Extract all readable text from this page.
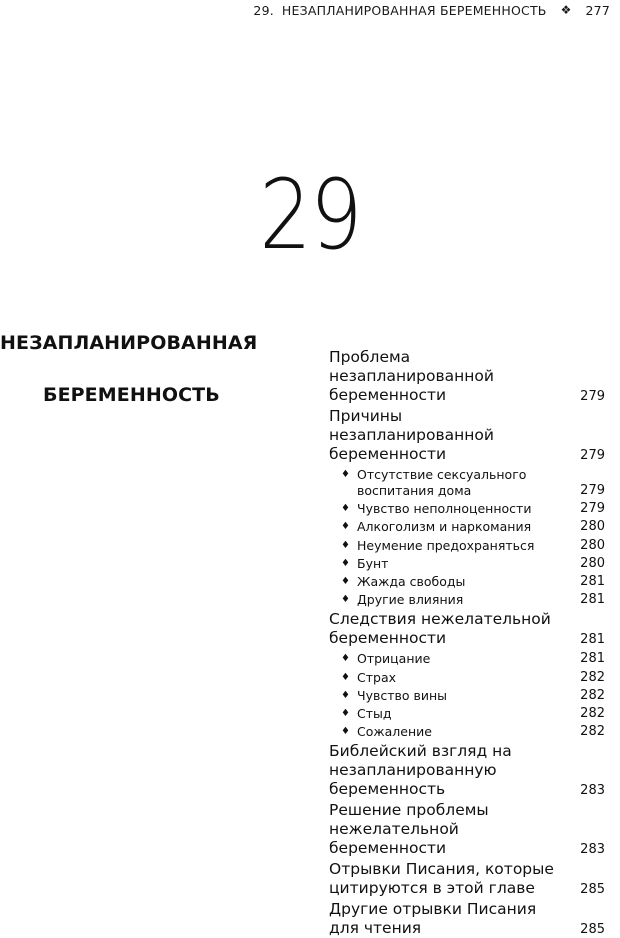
29. НЕЗАПЛАНИРОВАННАЯ БЕРЕМЕННОСТЬ ❖ 277
29
НЕЗАПЛАНИРОВАННАЯ
БЕРЕМЕННОСТЬ
Проблема незапланированной беременности	279
Причины незапланированной беременности	279
♦ Отсутствие сексуального воспитания дома	279
♦ Чувство неполноценности	279
♦ Алкоголизм и наркомания	280
♦ Неумение предохраняться	280
♦ Бунт	280
♦ Жажда свободы	281
♦ Другие влияния	281
Следствия нежелательной беременности	281
♦ Отрицание	281
♦ Страх	282
♦ Чувство вины	282
♦ Стыд	282
♦ Сожаление	282
Библейский взгляд на незапланированную беременность	283
Решение проблемы нежелательной беременности	283
Отрывки Писания, которые цитируются в этой главе	285
Другие отрывки Писания для чтения	285
